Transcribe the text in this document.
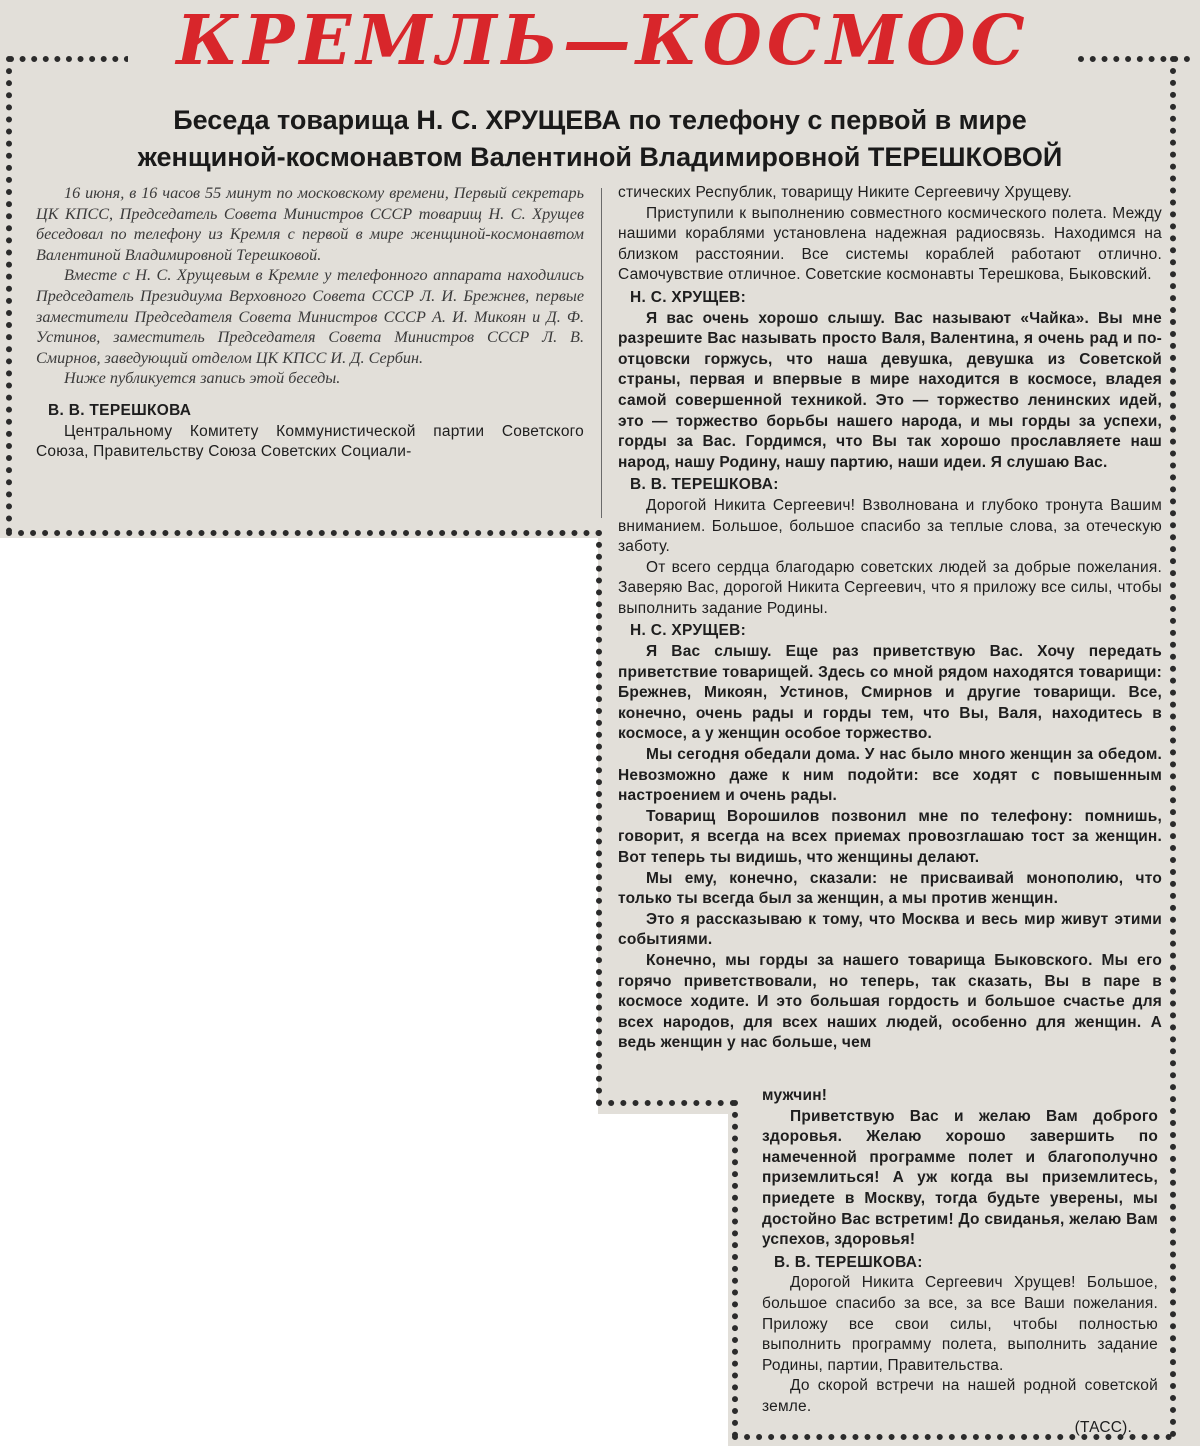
КРЕМЛЬ—КОСМОС
Беседа товарища Н. С. ХРУЩЕВА по телефону с первой в мире
женщиной-космонавтом Валентиной Владимировной ТЕРЕШКОВОЙ

16 июня, в 16 часов 55 минут по московскому времени, Первый секретарь ЦК КПСС, Председатель Совета Министров СССР товарищ Н. С. Хрущев беседовал по телефону из Кремля с первой в мире женщиной-космонавтом Валентиной Владимировной Терешковой.

Вместе с Н. С. Хрущевым в Кремле у телефонного аппарата находились Председатель Президиума Верховного Совета СССР Л. И. Брежнев, первые заместители Председателя Совета Министров СССР А. И. Микоян и Д. Ф. Устинов, заместитель Председателя Совета Министров СССР Л. В. Смирнов, заведующий отделом ЦК КПСС И. Д. Сербин.

Ниже публикуется запись этой беседы.

В. В. ТЕРЕШКОВА

Центральному Комитету Коммунистической партии Советского Союза, Правительству Союза Советских Социали-

стических Республик, товарищу Никите Сергеевичу Хрущеву.

Приступили к выполнению совместного космического полета. Между нашими кораблями установлена надежная радиосвязь. Находимся на близком расстоянии. Все системы кораблей работают отлично. Самочувствие отличное. Советские космонавты Терешкова, Быковский.

Н. С. ХРУЩЕВ:

Я вас очень хорошо слышу. Вас называют «Чайка». Вы мне разрешите Вас называть просто Валя, Валентина, я очень рад и по-отцовски горжусь, что наша девушка, девушка из Советской страны, первая и впервые в мире находится в космосе, владея самой совершенной техникой. Это — торжество ленинских идей, это — торжество борьбы нашего народа, и мы горды за успехи, горды за Вас. Гордимся, что Вы так хорошо прославляете наш народ, нашу Родину, нашу партию, наши идеи. Я слушаю Вас.

В. В. ТЕРЕШКОВА:

Дорогой Никита Сергеевич! Взволнована и глубоко тронута Вашим вниманием. Большое, большое спасибо за теплые слова, за отеческую заботу.

От всего сердца благодарю советских людей за добрые пожелания. Заверяю Вас, дорогой Никита Сергеевич, что я приложу все силы, чтобы выполнить задание Родины.

Н. С. ХРУЩЕВ:

Я Вас слышу. Еще раз приветствую Вас. Хочу передать приветствие товарищей. Здесь со мной рядом находятся товарищи: Брежнев, Микоян, Устинов, Смирнов и другие товарищи. Все, конечно, очень рады и горды тем, что Вы, Валя, находитесь в космосе, а у женщин особое торжество.

Мы сегодня обедали дома. У нас было много женщин за обедом. Невозможно даже к ним подойти: все ходят с повышенным настроением и очень рады.

Товарищ Ворошилов позвонил мне по телефону: помнишь, говорит, я всегда на всех приемах провозглашаю тост за женщин. Вот теперь ты видишь, что женщины делают.

Мы ему, конечно, сказали: не присваивай монополию, что только ты всегда был за женщин, а мы против женщин.

Это я рассказываю к тому, что Москва и весь мир живут этими событиями.

Конечно, мы горды за нашего товарища Быковского. Мы его горячо приветствовали, но теперь, так сказать, Вы в паре в космосе ходите. И это большая гордость и большое счастье для всех народов, для всех наших людей, особенно для женщин. А ведь женщин у нас больше, чем

мужчин!

Приветствую Вас и желаю Вам доброго здоровья. Желаю хорошо завершить по намеченной программе полет и благополучно приземлиться! А уж когда вы приземлитесь, приедете в Москву, тогда будьте уверены, мы достойно Вас встретим! До свиданья, желаю Вам успехов, здоровья!

В. В. ТЕРЕШКОВА:

Дорогой Никита Сергеевич Хрущев! Большое, большое спасибо за все, за все Ваши пожелания. Приложу все свои силы, чтобы полностью выполнить программу полета, выполнить задание Родины, партии, Правительства.

До скорой встречи на нашей родной советской земле.

(ТАСС).
